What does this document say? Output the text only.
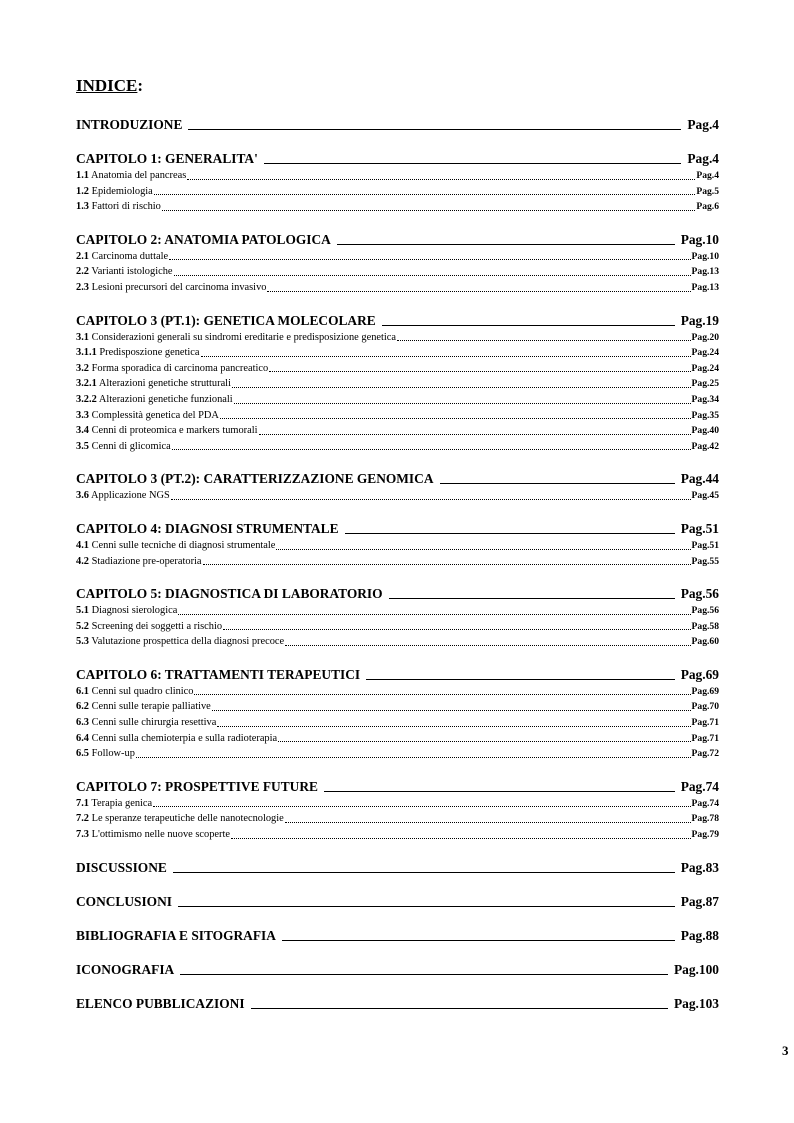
INDICE:
INTRODUZIONE	Pag.4
CAPITOLO 1: GENERALITA'	Pag.4
1.1 Anatomia del pancreas	Pag.4
1.2 Epidemiologia	Pag.5
1.3 Fattori di rischio	Pag.6
CAPITOLO 2: ANATOMIA PATOLOGICA	Pag.10
2.1 Carcinoma duttale	Pag.10
2.2 Varianti istologiche	Pag.13
2.3 Lesioni precursori del carcinoma invasivo	Pag.13
CAPITOLO 3 (PT.1): GENETICA MOLECOLARE	Pag.19
3.1 Considerazioni generali su sindromi ereditarie e predisposizione genetica	Pag.20
3.1.1 Predisposzione genetica	Pag.24
3.2 Forma sporadica di carcinoma pancreatico	Pag.24
3.2.1 Alterazioni genetiche strutturali	Pag.25
3.2.2 Alterazioni genetiche funzionali	Pag.34
3.3 Complessità genetica del PDA	Pag.35
3.4 Cenni di proteomica e markers tumorali	Pag.40
3.5 Cenni di glicomica	Pag.42
CAPITOLO 3 (PT.2): CARATTERIZZAZIONE GENOMICA	Pag.44
3.6 Applicazione NGS	Pag.45
CAPITOLO 4: DIAGNOSI STRUMENTALE	Pag.51
4.1 Cenni sulle tecniche di diagnosi strumentale	Pag.51
4.2 Stadiazione pre-operatoria	Pag.55
CAPITOLO 5: DIAGNOSTICA DI LABORATORIO	Pag.56
5.1 Diagnosi sierologica	Pag.56
5.2 Screening dei soggetti a rischio	Pag.58
5.3 Valutazione prospettica della diagnosi precoce	Pag.60
CAPITOLO 6: TRATTAMENTI TERAPEUTICI	Pag.69
6.1 Cenni sul quadro clinico	Pag.69
6.2 Cenni sulle terapie palliative	Pag.70
6.3 Cenni sulle chirurgia resettiva	Pag.71
6.4 Cenni sulla chemioterpia e sulla radioterapia	Pag.71
6.5 Follow-up	Pag.72
CAPITOLO 7: PROSPETTIVE FUTURE	Pag.74
7.1 Terapia genica	Pag.74
7.2 Le speranze terapeutiche delle nanotecnologie	Pag.78
7.3 L'ottimismo nelle nuove scoperte	Pag.79
DISCUSSIONE	Pag.83
CONCLUSIONI	Pag.87
BIBLIOGRAFIA E SITOGRAFIA	Pag.88
ICONOGRAFIA	Pag.100
ELENCO PUBBLICAZIONI	Pag.103
3
